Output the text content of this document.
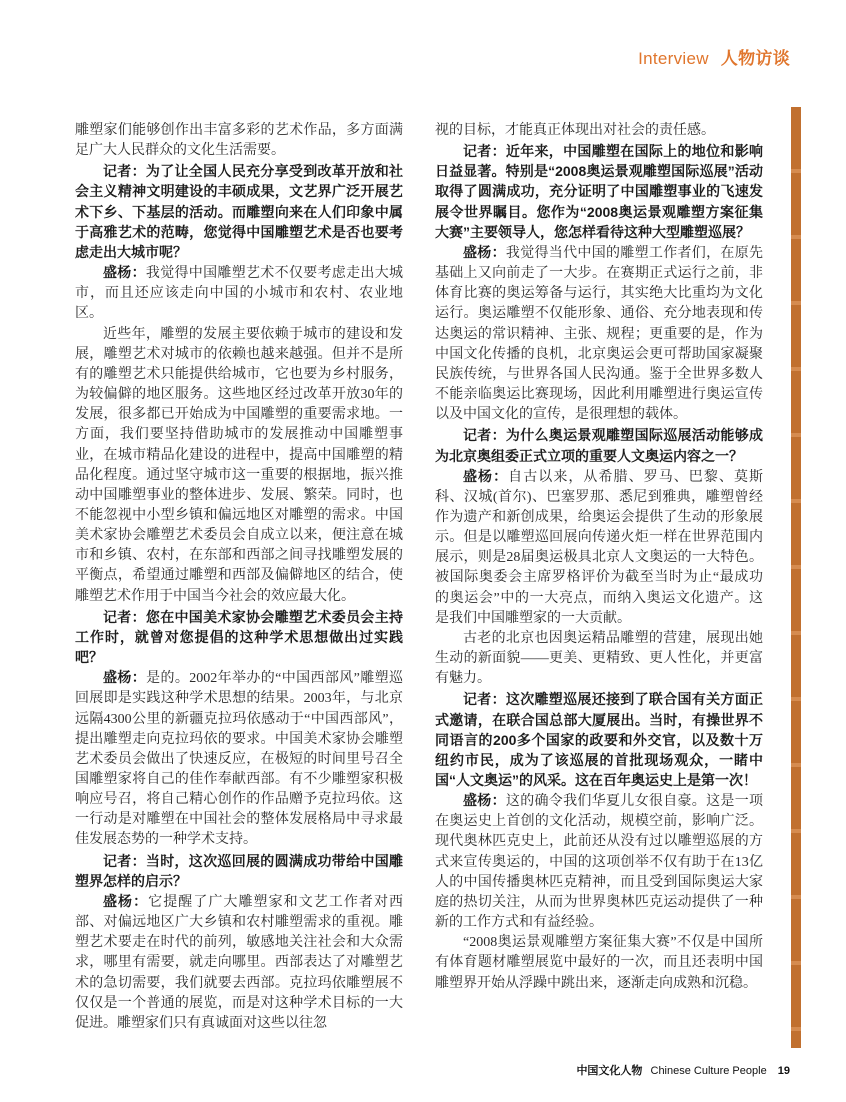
Interview 人物访谈

雕塑家们能够创作出丰富多彩的艺术作品，多方面满足广大人民群众的文化生活需要。

记者：为了让全国人民充分享受到改革开放和社会主义精神文明建设的丰硕成果，文艺界广泛开展艺术下乡、下基层的活动。而雕塑向来在人们印象中属于高雅艺术的范畴，您觉得中国雕塑艺术是否也要考虑走出大城市呢？

盛杨：我觉得中国雕塑艺术不仅要考虑走出大城市，而且还应该走向中国的小城市和农村、农业地区。

近些年，雕塑的发展主要依赖于城市的建设和发展，雕塑艺术对城市的依赖也越来越强。但并不是所有的雕塑艺术只能提供给城市，它也要为乡村服务，为较偏僻的地区服务。这些地区经过改革开放30年的发展，很多都已开始成为中国雕塑的重要需求地。一方面，我们要坚持借助城市的发展推动中国雕塑事业，在城市精品化建设的进程中，提高中国雕塑的精品化程度。通过坚守城市这一重要的根据地，振兴推动中国雕塑事业的整体进步、发展、繁荣。同时，也不能忽视中小型乡镇和偏远地区对雕塑的需求。中国美术家协会雕塑艺术委员会自成立以来，便注意在城市和乡镇、农村，在东部和西部之间寻找雕塑发展的平衡点，希望通过雕塑和西部及偏僻地区的结合，使雕塑艺术作用于中国当今社会的效应最大化。

记者：您在中国美术家协会雕塑艺术委员会主持工作时，就曾对您提倡的这种学术思想做出过实践吧？

盛杨：是的。2002年举办的“中国西部风”雕塑巡回展即是实践这种学术思想的结果。2003年，与北京远隔4300公里的新疆克拉玛依感动于“中国西部风”，提出雕塑走向克拉玛依的要求。中国美术家协会雕塑艺术委员会做出了快速反应，在极短的时间里号召全国雕塑家将自己的佳作奉献西部。有不少雕塑家积极响应号召，将自己精心创作的作品赠予克拉玛依。这一行动是对雕塑在中国社会的整体发展格局中寻求最佳发展态势的一种学术支持。

记者：当时，这次巡回展的圆满成功带给中国雕塑界怎样的启示？

盛杨：它提醒了广大雕塑家和文艺工作者对西部、对偏远地区广大乡镇和农村雕塑需求的重视。雕塑艺术要走在时代的前列，敏感地关注社会和大众需求，哪里有需要，就走向哪里。西部表达了对雕塑艺术的急切需要，我们就要去西部。克拉玛依雕塑展不仅仅是一个普通的展览，而是对这种学术目标的一大促进。雕塑家们只有真诚面对这些以往忽

视的目标，才能真正体现出对社会的责任感。

记者：近年来，中国雕塑在国际上的地位和影响日益显著。特别是“2008奥运景观雕塑国际巡展”活动取得了圆满成功，充分证明了中国雕塑事业的飞速发展令世界瞩目。您作为“2008奥运景观雕塑方案征集大赛”主要领导人，您怎样看待这种大型雕塑巡展？

盛杨：我觉得当代中国的雕塑工作者们，在原先基础上又向前走了一大步。在赛期正式运行之前，非体育比赛的奥运筹备与运行，其实绝大比重均为文化运行。奥运雕塑不仅能形象、通俗、充分地表现和传达奥运的常识精神、主张、规程；更重要的是，作为中国文化传播的良机，北京奥运会更可帮助国家凝聚民族传统，与世界各国人民沟通。鉴于全世界多数人不能亲临奥运比赛现场，因此利用雕塑进行奥运宣传以及中国文化的宣传，是很理想的载体。

记者：为什么奥运景观雕塑国际巡展活动能够成为北京奥组委正式立项的重要人文奥运内容之一？

盛杨：自古以来，从希腊、罗马、巴黎、莫斯科、汉城(首尔)、巴塞罗那、悉尼到雅典，雕塑曾经作为遗产和新创成果，给奥运会提供了生动的形象展示。但是以雕塑巡回展向传递火炬一样在世界范围内展示，则是28届奥运极具北京人文奥运的一大特色。被国际奥委会主席罗格评价为截至当时为止“最成功的奥运会”中的一大亮点，而纳入奥运文化遗产。这是我们中国雕塑家的一大贡献。

古老的北京也因奥运精品雕塑的营建，展现出她生动的新面貌——更美、更精致、更人性化，并更富有魅力。

记者：这次雕塑巡展还接到了联合国有关方面正式邀请，在联合国总部大厦展出。当时，有操世界不同语言的200多个国家的政要和外交官，以及数十万纽约市民，成为了该巡展的首批现场观众，一睹中国“人文奥运”的风采。这在百年奥运史上是第一次！

盛杨：这的确令我们华夏儿女很自豪。这是一项在奥运史上首创的文化活动，规模空前，影响广泛。现代奥林匹克史上，此前还从没有过以雕塑巡展的方式来宣传奥运的，中国的这项创举不仅有助于在13亿人的中国传播奥林匹克精神，而且受到国际奥运大家庭的热切关注，从而为世界奥林匹克运动提供了一种新的工作方式和有益经验。

“2008奥运景观雕塑方案征集大赛”不仅是中国所有体育题材雕塑展览中最好的一次，而且还表明中国雕塑界开始从浮躁中跳出来，逐渐走向成熟和沉稳。

中国文化人物 Chinese Culture People 19
